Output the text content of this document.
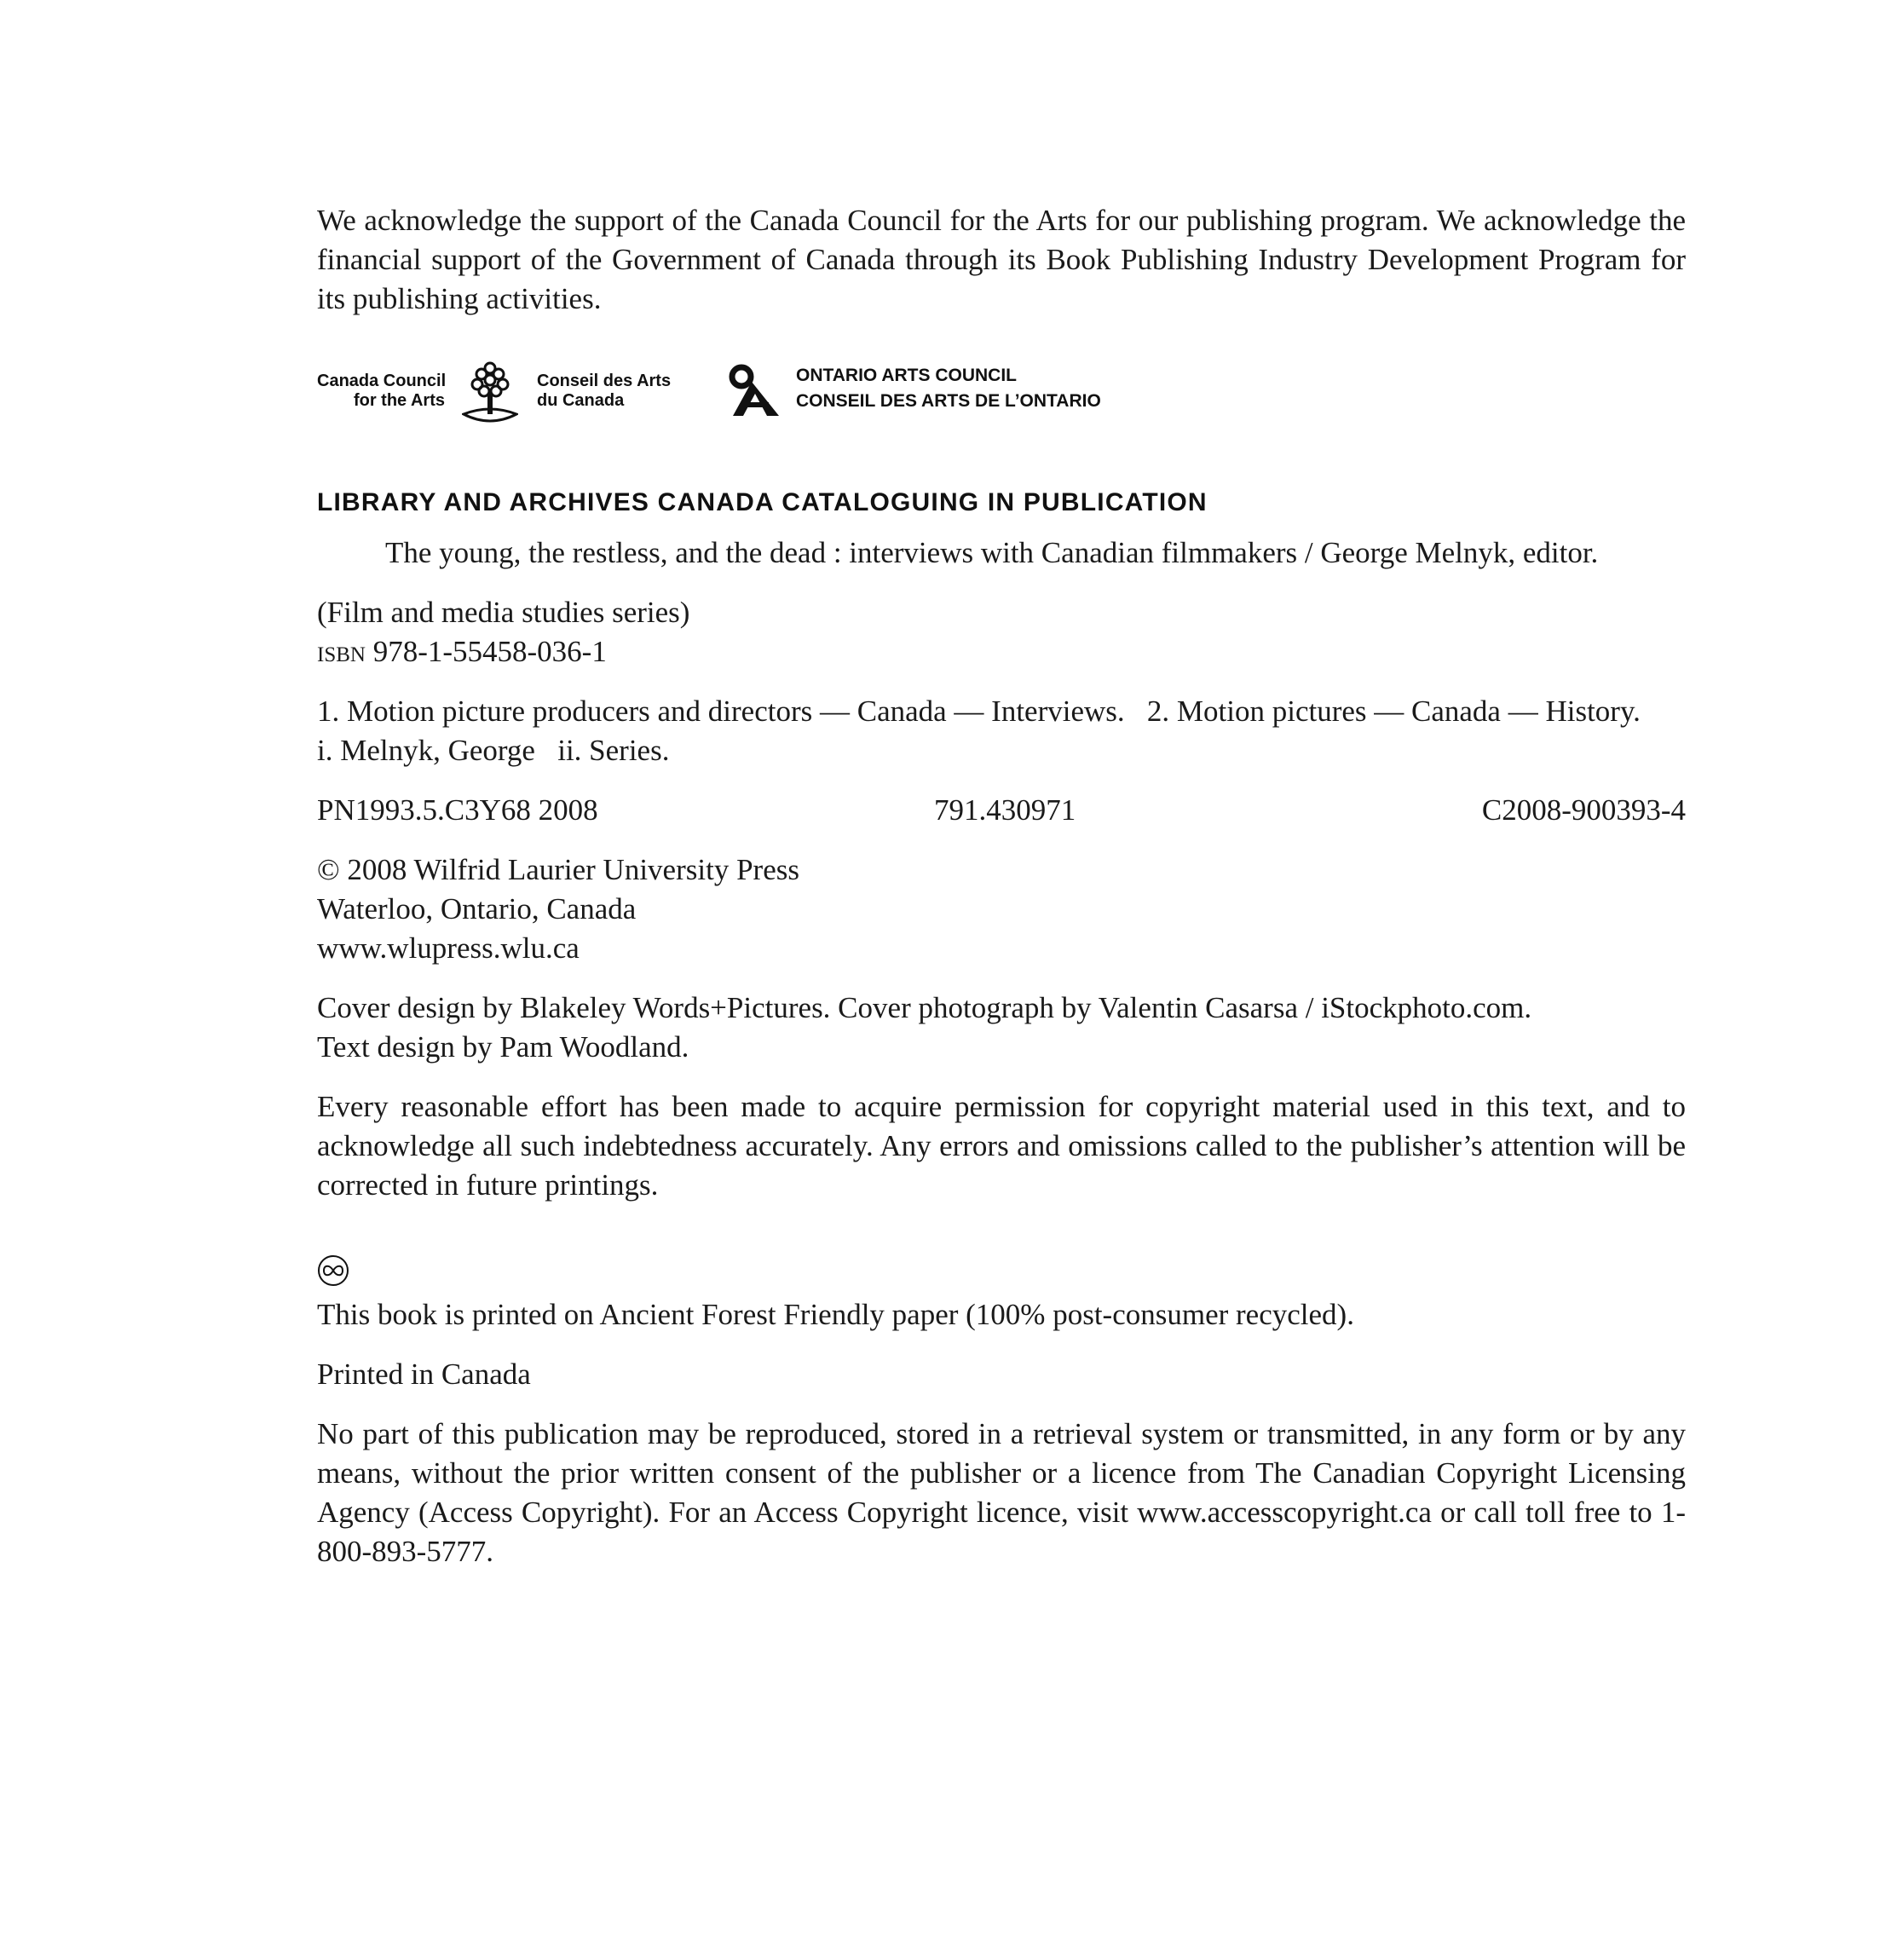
We acknowledge the support of the Canada Council for the Arts for our publishing program. We acknowledge the financial support of the Government of Canada through its Book Publishing Industry Development Program for its publishing activities.

Canada Council
for the Arts
Conseil des Arts
du Canada
ONTARIO ARTS COUNCIL
CONSEIL DES ARTS DE L’ONTARIO
LIBRARY AND ARCHIVES CANADA CATALOGUING IN PUBLICATION

The young, the restless, and the dead : interviews with Canadian filmmakers / George Melnyk, editor.

(Film and media studies series)

isbn 978-1-55458-036-1

1. Motion picture producers and directors — Canada — Interviews.   2. Motion pictures — Canada — History.

i. Melnyk, George   ii. Series.

PN1993.5.C3Y68 2008	791.430971	C2008-900393-4

© 2008 Wilfrid Laurier University Press

Waterloo, Ontario, Canada

www.wlupress.wlu.ca

Cover design by Blakeley Words+Pictures. Cover photograph by Valentin Casarsa / iStockphoto.com.

Text design by Pam Woodland.

Every reasonable effort has been made to acquire permission for copyright material used in this text, and to acknowledge all such indebtedness accurately. Any errors and omissions called to the publisher’s attention will be corrected in future printings.

This book is printed on Ancient Forest Friendly paper (100% post-consumer recycled).

Printed in Canada

No part of this publication may be reproduced, stored in a retrieval system or transmitted, in any form or by any means, without the prior written consent of the publisher or a licence from The Canadian Copyright Licensing Agency (Access Copyright). For an Access Copyright licence, visit www.accesscopyright.ca or call toll free to 1-800-893-5777.
